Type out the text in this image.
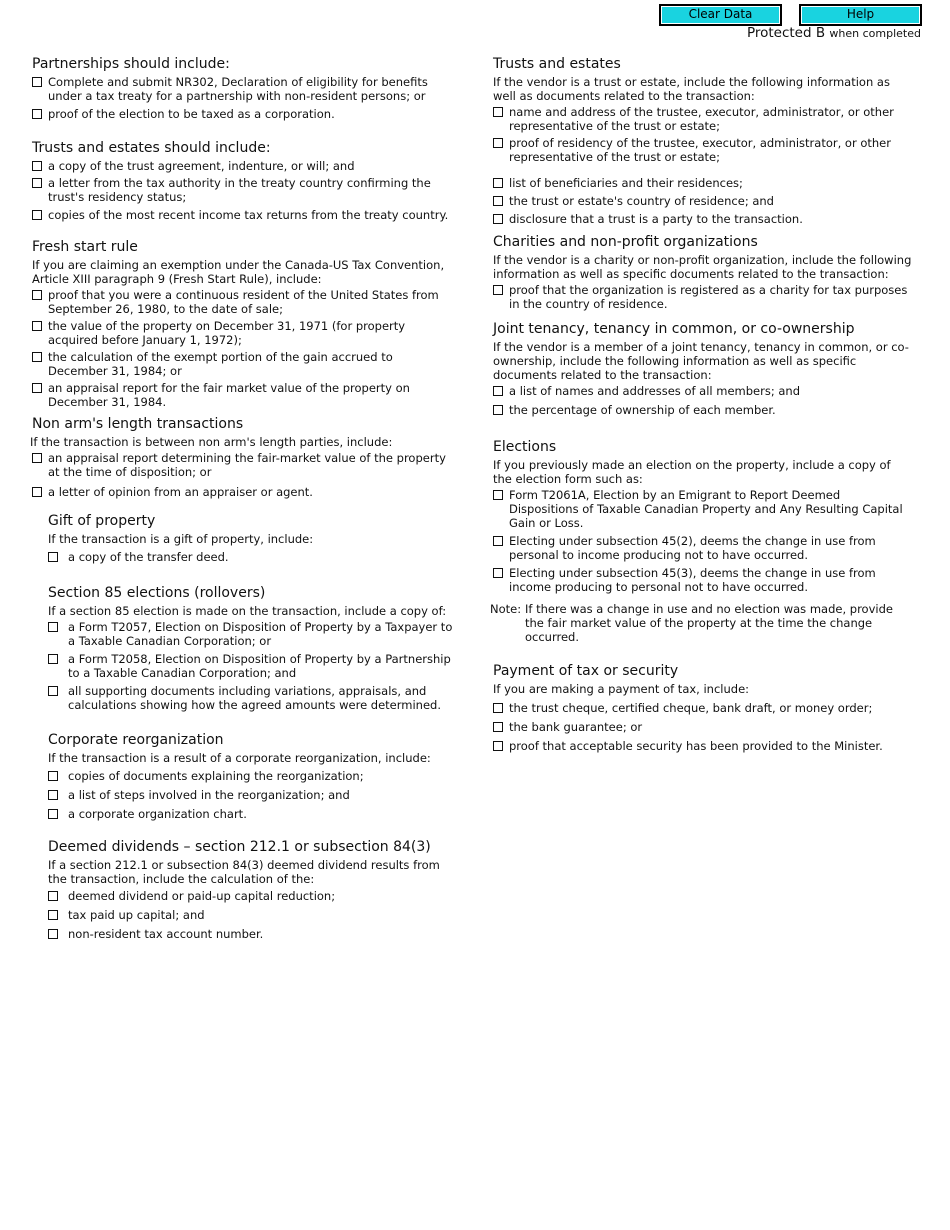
Clear Data	Help
Protected B when completed
Partnerships should include:
Complete and submit NR302, Declaration of eligibility for benefits under a tax treaty for a partnership with non-resident persons; or
proof of the election to be taxed as a corporation.
Trusts and estates should include:
a copy of the trust agreement, indenture, or will; and
a letter from the tax authority in the treaty country confirming the trust's residency status;
copies of the most recent income tax returns from the treaty country.
Fresh start rule
If you are claiming an exemption under the Canada-US Tax Convention, Article XIII paragraph 9 (Fresh Start Rule), include:
proof that you were a continuous resident of the United States from September 26, 1980, to the date of sale;
the value of the property on December 31, 1971 (for property acquired before January 1, 1972);
the calculation of the exempt portion of the gain accrued to December 31, 1984; or
an appraisal report for the fair market value of the property on December 31, 1984.
Non arm's length transactions
If the transaction is between non arm's length parties, include:
an appraisal report determining the fair-market value of the property at the time of disposition; or
a letter of opinion from an appraiser or agent.
Gift of property
If the transaction is a gift of property, include:
a copy of the transfer deed.
Section 85 elections (rollovers)
If a section 85 election is made on the transaction, include a copy of:
a Form T2057, Election on Disposition of Property by a Taxpayer to a Taxable Canadian Corporation; or
a Form T2058, Election on Disposition of Property by a Partnership to a Taxable Canadian Corporation; and
all supporting documents including variations, appraisals, and calculations showing how the agreed amounts were determined.
Corporate reorganization
If the transaction is a result of a corporate reorganization, include:
copies of documents explaining the reorganization;
a list of steps involved in the reorganization; and
a corporate organization chart.
Deemed dividends – section 212.1 or subsection 84(3)
If a section 212.1 or subsection 84(3) deemed dividend results from the transaction, include the calculation of the:
deemed dividend or paid-up capital reduction;
tax paid up capital; and
non-resident tax account number.
Trusts and estates
If the vendor is a trust or estate, include the following information as well as documents related to the transaction:
name and address of the trustee, executor, administrator, or other representative of the trust or estate;
proof of residency of the trustee, executor, administrator, or other representative of the trust or estate;
list of beneficiaries and their residences;
the trust or estate's country of residence; and
disclosure that a trust is a party to the transaction.
Charities and non-profit organizations
If the vendor is a charity or non-profit organization, include the following information as well as specific documents related to the transaction:
proof that the organization is registered as a charity for tax purposes in the country of residence.
Joint tenancy, tenancy in common, or co-ownership
If the vendor is a member of a joint tenancy, tenancy in common, or co-ownership, include the following information as well as specific documents related to the transaction:
a list of names and addresses of all members; and
the percentage of ownership of each member.
Elections
If you previously made an election on the property, include a copy of the election form such as:
Form T2061A, Election by an Emigrant to Report Deemed Dispositions of Taxable Canadian Property and Any Resulting Capital Gain or Loss.
Electing under subsection 45(2), deems the change in use from personal to income producing not to have occurred.
Electing under subsection 45(3), deems the change in use from income producing to personal not to have occurred.
Note: If there was a change in use and no election was made, provide the fair market value of the property at the time the change occurred.
Payment of tax or security
If you are making a payment of tax, include:
the trust cheque, certified cheque, bank draft, or money order;
the bank guarantee; or
proof that acceptable security has been provided to the Minister.
